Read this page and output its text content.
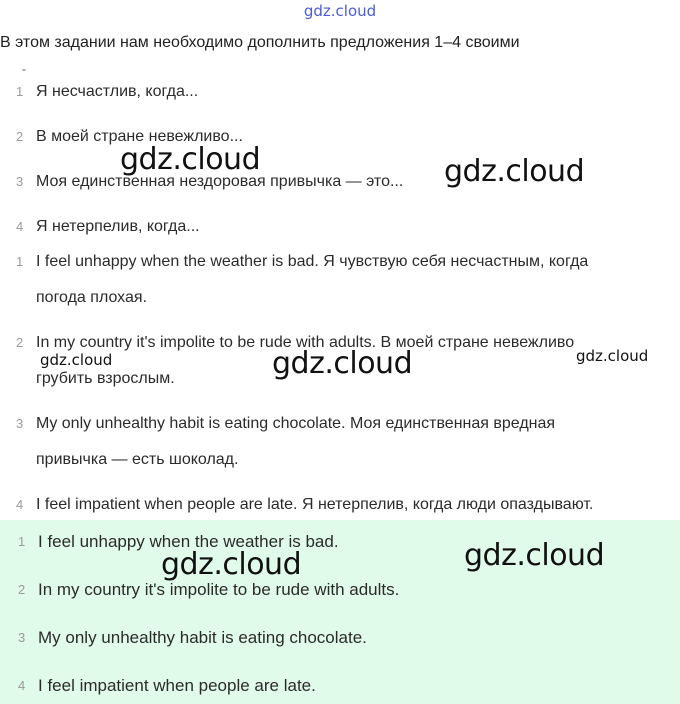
gdz.cloud
В этом задании нам необходимо дополнить предложения 1–4 своими
-
1 Я несчастлив, когда...
2 В моей стране невежливо...
3 Моя единственная нездоровая привычка — это...
4 Я нетерпелив, когда...
1 I feel unhappy when the weather is bad. Я чувствую себя несчастным, когда
погода плохая.
2 In my country it's impolite to be rude with adults. В моей стране невежливо
грубить взрослым.
3 My only unhealthy habit is eating chocolate. Моя единственная вредная
привычка — есть шоколад.
4 I feel impatient when people are late. Я нетерпелив, когда люди опаздывают.
1 I feel unhappy when the weather is bad.
2 In my country it's impolite to be rude with adults.
3 My only unhealthy habit is eating chocolate.
4 I feel impatient when people are late.
gdz.cloud	gdz.cloud
gdz.cloud	gdz.cloud	gdz.cloud
gdz.cloud	gdz.cloud
